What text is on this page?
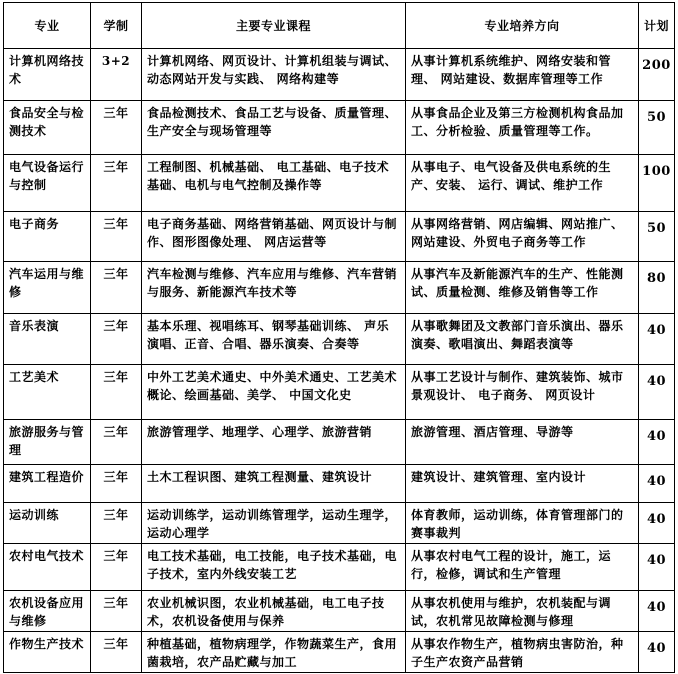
专业	学制	主要专业课程	专业培养方向	计划
计算机网络技术	3+2	计算机网络、网页设计、计算机组装与调试、动态网站开发与实践、 网络构建等	从事计算机系统维护、网络安装和管理、 网站建设、数据库管理等工作	200
食品安全与检测技术	三年	食品检测技术、食品工艺与设备、质量管理、生产安全与现场管理等	从事食品企业及第三方检测机构食品加工、分析检验、质量管理等工作。	50
电气设备运行与控制	三年	工程制图、机械基础、 电工基础、电子技术基础、电机与电气控制及操作等	从事电子、电气设备及供电系统的生产、安装、 运行、调试、维护工作	100
电子商务	三年	电子商务基础、网络营销基础、网页设计与制作、图形图像处理、 网店运营等	从事网络营销、网店编辑、网站推广、网站建设、外贸电子商务等工作	50
汽车运用与维修	三年	汽车检测与维修、汽车应用与维修、汽车营销与服务、新能源汽车技术等	从事汽车及新能源汽车的生产、性能测试、质量检测、维修及销售等工作	80
音乐表演	三年	基本乐理、视唱练耳、钢琴基础训练、 声乐演唱、正音、合唱、器乐演奏、合奏等	从事歌舞团及文教部门音乐演出、器乐演奏、歌唱演出、舞蹈表演等	40
工艺美术	三年	中外工艺美术通史、中外美术通史、工艺美术概论、绘画基础、美学、 中国文化史	从事工艺设计与制作、建筑装饰、城市景观设计、 电子商务、 网页设计	40
旅游服务与管理	三年	旅游管理学、地理学、心理学、旅游营销	旅游管理、酒店管理、导游等	40
建筑工程造价	三年	土木工程识图、建筑工程测量、建筑设计	建筑设计、建筑管理、室内设计	40
运动训练	三年	运动训练学，运动训练管理学，运动生理学，运动心理学	体育教师，运动训练，体育管理部门的赛事裁判	40
农村电气技术	三年	电工技术基础，电工技能，电子技术基础，电子技术，室内外线安装工艺	从事农村电气工程的设计，施工，运行，检修，调试和生产管理	40
农机设备应用与维修	三年	农业机械识图，农业机械基础，电工电子技术，农机设备使用与保养	从事农机使用与维护，农机装配与调试，农机常见故障检测与修理	40
作物生产技术	三年	种植基础，植物病理学，作物蔬菜生产，食用菌栽培，农产品贮藏与加工	从事农作物生产，植物病虫害防治，种子生产农资产品营销	40
